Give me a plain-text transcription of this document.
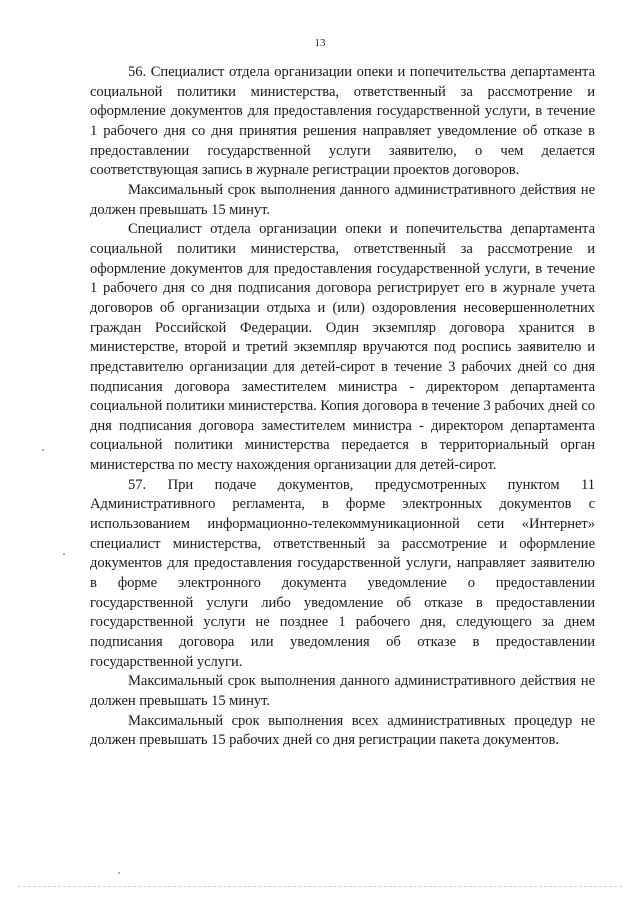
13

56. Специалист отдела организации опеки и попечительства департамента социальной политики министерства, ответственный за рассмотрение и оформление документов для предоставления государственной услуги, в течение 1 рабочего дня со дня принятия решения направляет уведомление об отказе в предоставлении государственной услуги заявителю, о чем делается соответствующая запись в журнале регистрации проектов договоров.

Максимальный срок выполнения данного административного действия не должен превышать 15 минут.

Специалист отдела организации опеки и попечительства департамента социальной политики министерства, ответственный за рассмотрение и оформление документов для предоставления государственной услуги, в течение 1 рабочего дня со дня подписания договора регистрирует его в журнале учета договоров об организации отдыха и (или) оздоровления несовершеннолетних граждан Российской Федерации. Один экземпляр договора хранится в министерстве, второй и третий экземпляр вручаются под роспись заявителю и представителю организации для детей-сирот в течение 3 рабочих дней со дня подписания договора заместителем министра - директором департамента социальной политики министерства. Копия договора в течение 3 рабочих дней со дня подписания договора заместителем министра - директором департамента социальной политики министерства передается в территориальный орган министерства по месту нахождения организации для детей-сирот.

57. При подаче документов, предусмотренных пунктом 11 Административного регламента, в форме электронных документов с использованием информационно-телекоммуникационной сети «Интернет» специалист министерства, ответственный за рассмотрение и оформление документов для предоставления государственной услуги, направляет заявителю в форме электронного документа уведомление о предоставлении государственной услуги либо уведомление об отказе в предоставлении государственной услуги не позднее 1 рабочего дня, следующего за днем подписания договора или уведомления об отказе в предоставлении государственной услуги.

Максимальный срок выполнения данного административного действия не должен превышать 15 минут.

Максимальный срок выполнения всех административных процедур не должен превышать 15 рабочих дней со дня регистрации пакета документов.
